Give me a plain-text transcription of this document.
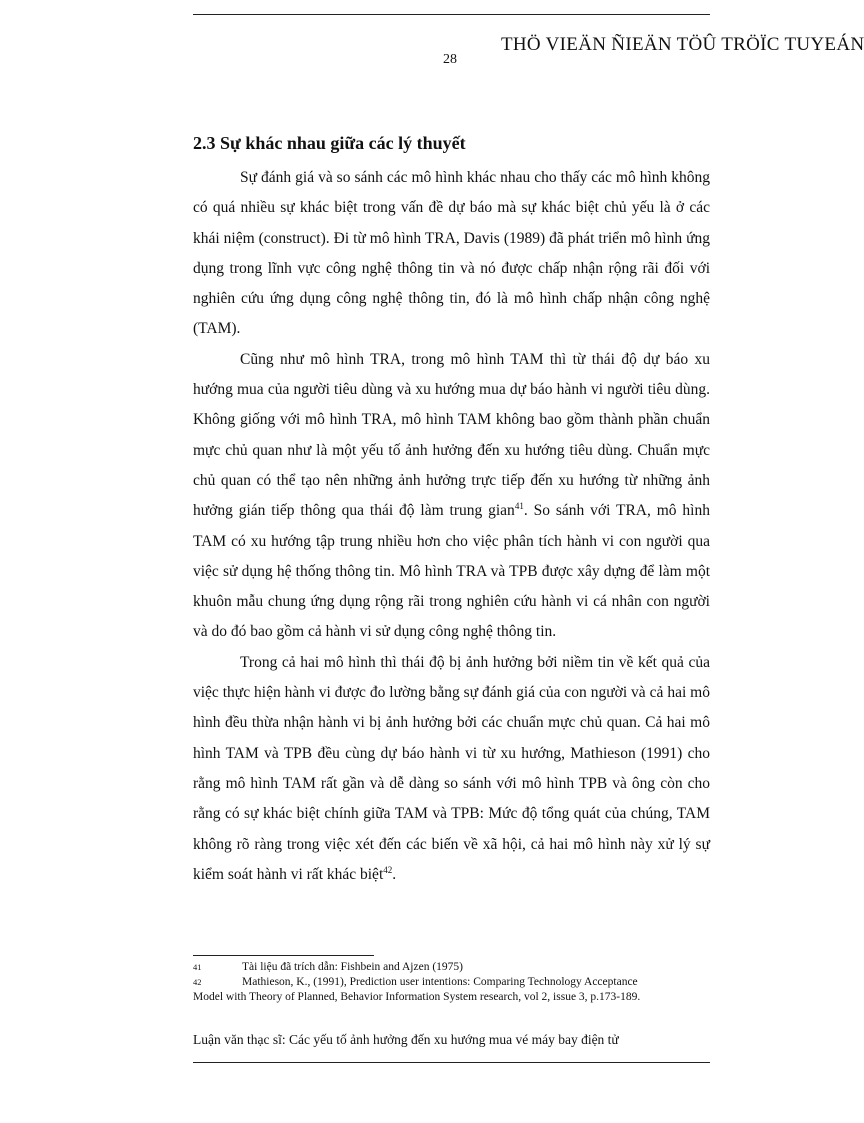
THÖ VIEÄN ÑIEÄN TÖÛ TRÖÏC TUYEÁN
28
2.3 Sự khác nhau giữa các lý thuyết

Sự đánh giá và so sánh các mô hình khác nhau cho thấy các mô hình không có quá nhiều sự khác biệt trong vấn đề dự báo mà sự khác biệt chủ yếu là ở các khái niệm (construct). Đi từ mô hình TRA, Davis (1989) đã phát triển mô hình ứng dụng trong lĩnh vực công nghệ thông tin và nó được chấp nhận rộng rãi đối với nghiên cứu ứng dụng công nghệ thông tin, đó là mô hình chấp nhận công nghệ (TAM).

Cũng như mô hình TRA, trong mô hình TAM thì từ thái độ dự báo xu hướng mua của người tiêu dùng và xu hướng mua dự báo hành vi người tiêu dùng. Không giống với mô hình TRA, mô hình TAM không bao gồm thành phần chuẩn mực chủ quan như là một yếu tố ảnh hưởng đến xu hướng tiêu dùng. Chuẩn mực chủ quan có thể tạo nên những ảnh hưởng trực tiếp đến xu hướng từ những ảnh hưởng gián tiếp thông qua thái độ làm trung gian$^{41}$. So sánh với TRA, mô hình TAM có xu hướng tập trung nhiều hơn cho việc phân tích hành vi con người qua việc sử dụng hệ thống thông tin. Mô hình TRA và TPB được xây dựng để làm một khuôn mẫu chung ứng dụng rộng rãi trong nghiên cứu hành vi cá nhân con người và do đó bao gồm cả hành vi sử dụng công nghệ thông tin.

Trong cả hai mô hình thì thái độ bị ảnh hưởng bởi niềm tin về kết quả của việc thực hiện hành vi được đo lường bằng sự đánh giá của con người và cả hai mô hình đều thừa nhận hành vi bị ảnh hưởng bởi các chuẩn mực chủ quan. Cả hai mô hình TAM và TPB đều cùng dự báo hành vi từ xu hướng, Mathieson (1991) cho rằng mô hình TAM rất gần và dễ dàng so sánh với mô hình TPB và ông còn cho rằng có sự khác biệt chính giữa TAM và TPB: Mức độ tổng quát của chúng, TAM không rõ ràng trong việc xét đến các biến về xã hội, cả hai mô hình này xử lý sự kiểm soát hành vi rất khác biệt$^{42}$.

41	Tài liệu đã trích dẫn: Fishbein and Ajzen (1975)
42	Mathieson, K., (1991), Prediction user intentions: Comparing Technology Acceptance
Model with Theory of Planned, Behavior Information System research, vol 2, issue 3, p.173-189.
Luận văn thạc sĩ: Các yếu tố ảnh hưởng đến xu hướng mua vé máy bay điện tử
